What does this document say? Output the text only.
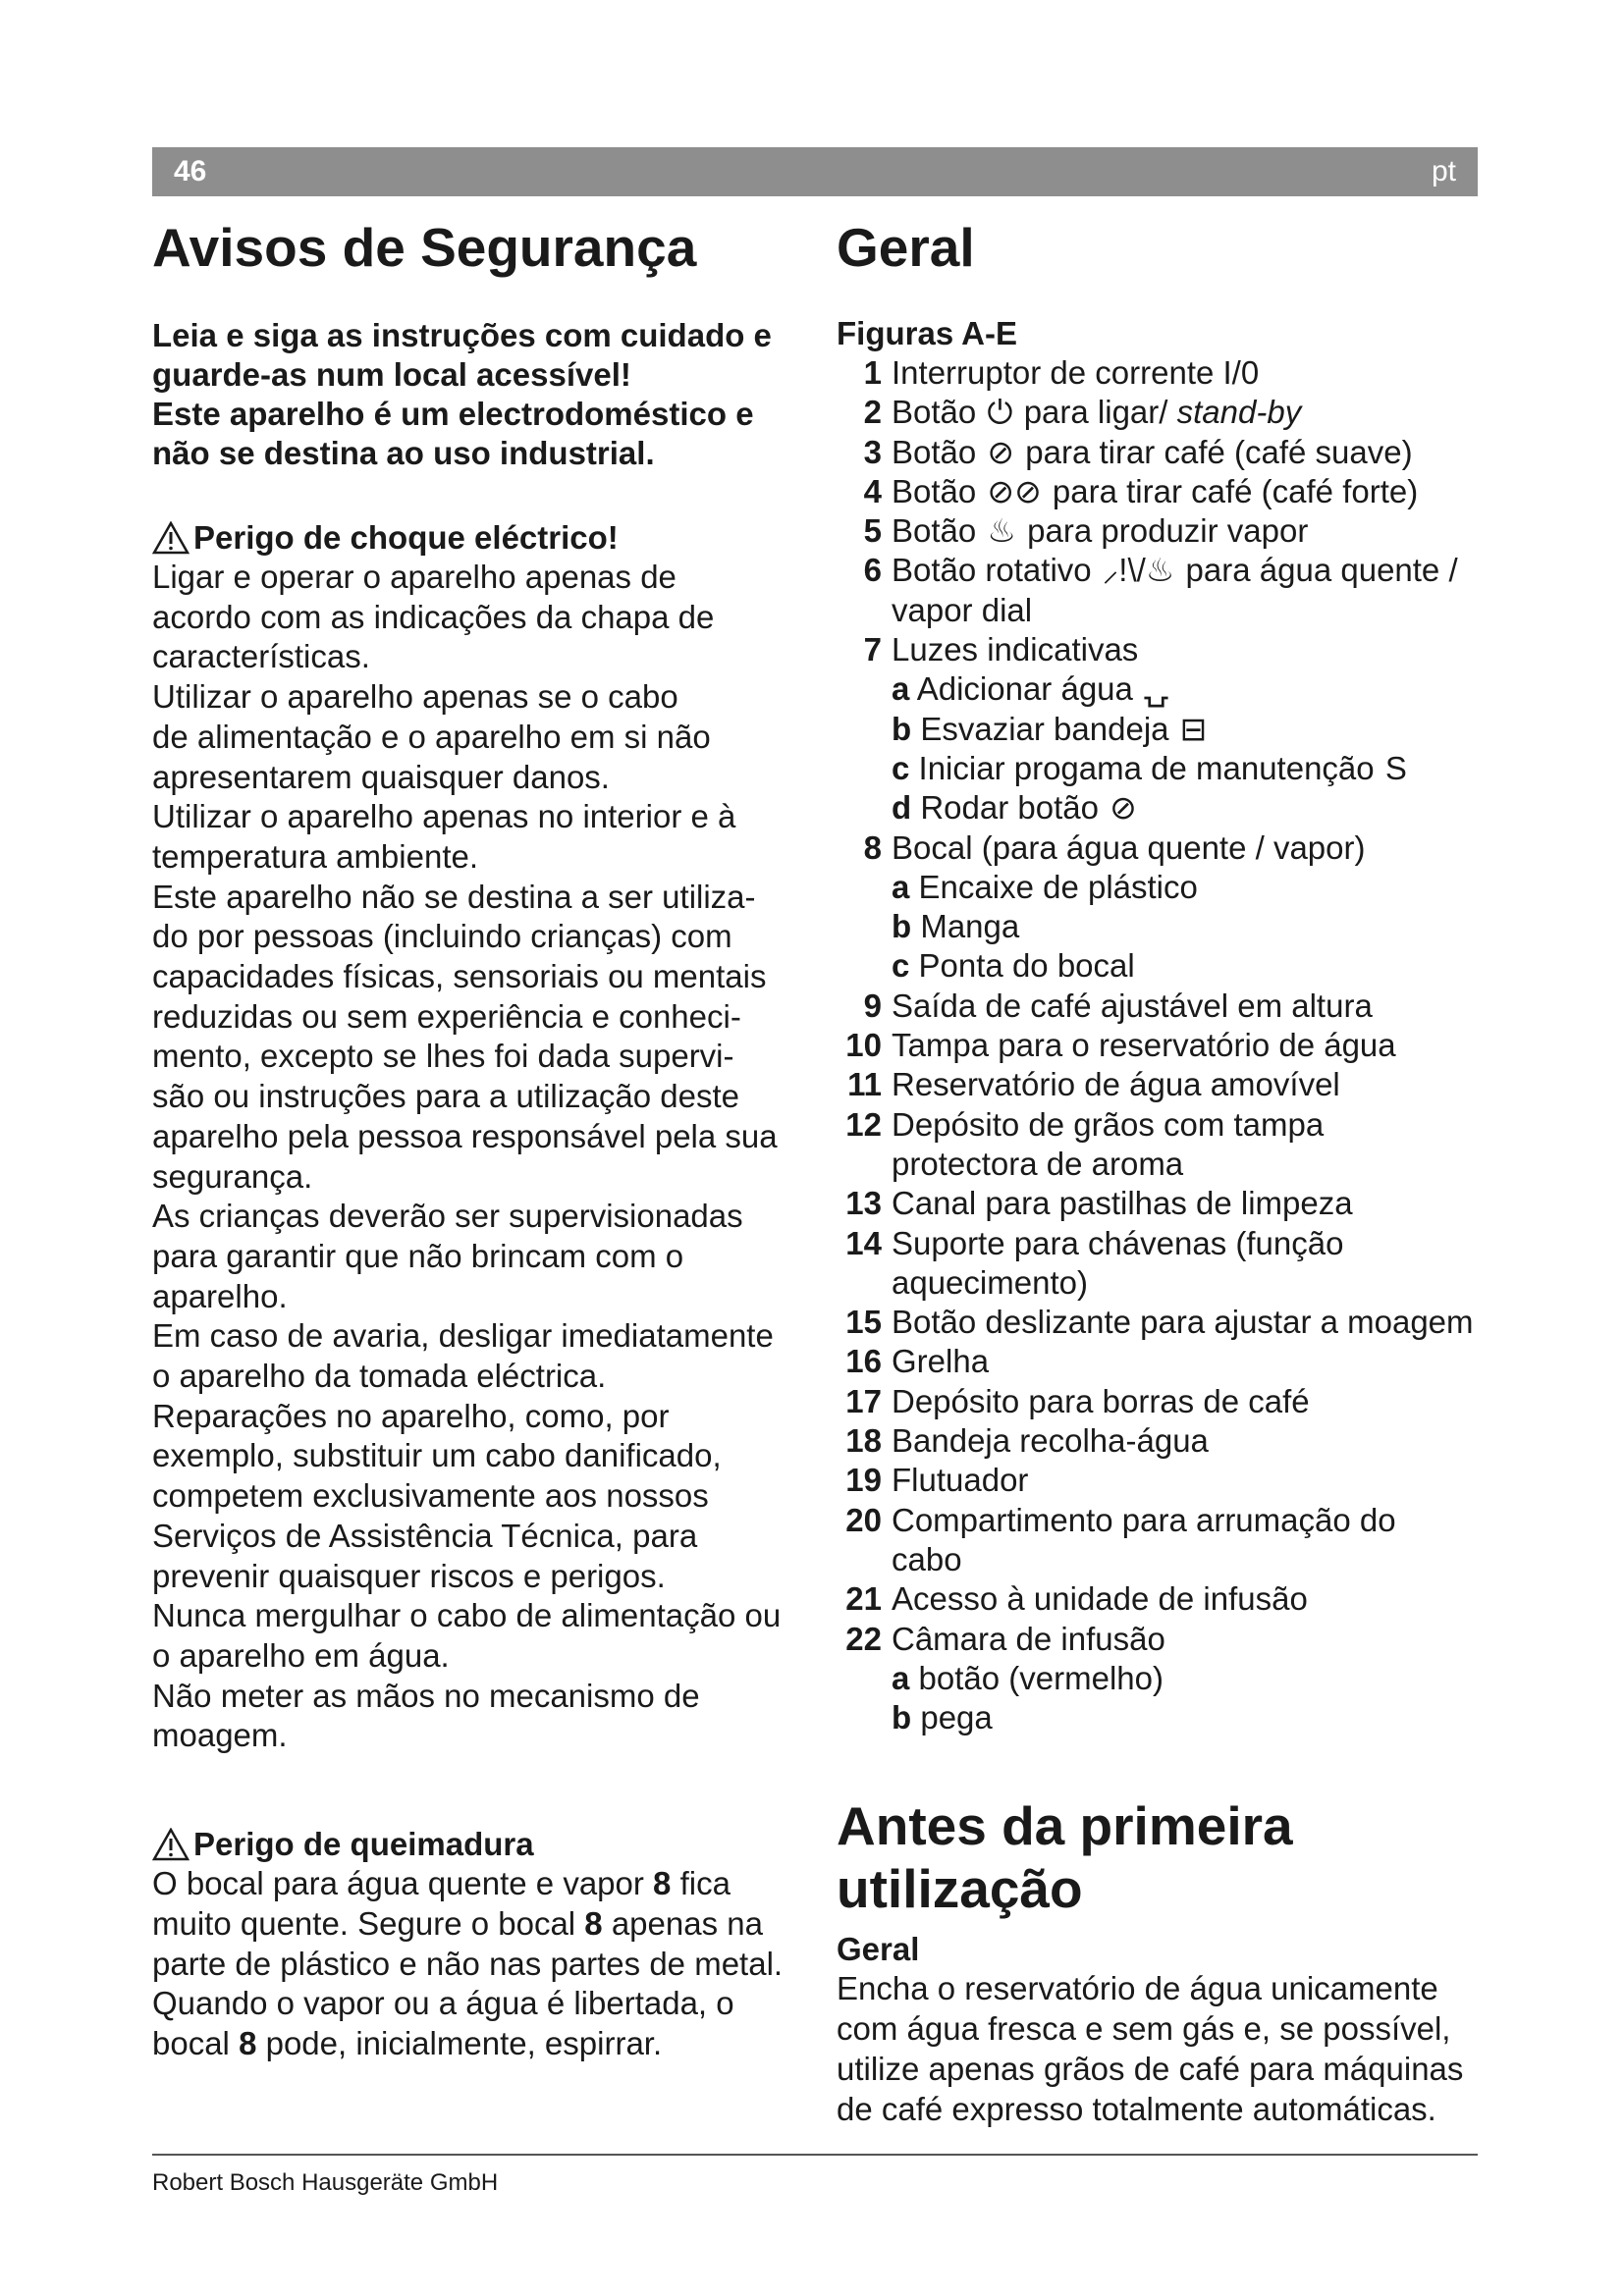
46	pt
Avisos de Segurança
Leia e siga as instruções com cuidado e
guarde-as num local acessível!
Este aparelho é um electrodoméstico e
não se destina ao uso industrial.
Perigo de choque eléctrico!

Ligar e operar o aparelho apenas de

acordo com as indicações da chapa de

características.

Utilizar o aparelho apenas se o cabo

de alimentação e o aparelho em si não

apresentarem quaisquer danos.

Utilizar o aparelho apenas no interior e à

temperatura ambiente.

Este aparelho não se destina a ser utiliza-

do por pessoas (incluindo crianças) com

capacidades físicas, sensoriais ou mentais

reduzidas ou sem experiência e conheci-

mento, excepto se lhes foi dada supervi-

são ou instruções para a utilização deste

aparelho pela pessoa responsável pela sua

segurança.

As crianças deverão ser supervisionadas

para garantir que não brincam com o

aparelho.

Em caso de avaria, desligar imediatamente

o aparelho da tomada eléctrica.

Reparações no aparelho, como, por

exemplo, substituir um cabo danificado,

competem exclusivamente aos nossos

Serviços de Assistência Técnica, para

prevenir quaisquer riscos e perigos.

Nunca mergulhar o cabo de alimentação ou

o aparelho em água.

Não meter as mãos no mecanismo de

moagem.

Perigo de queimadura

O bocal para água quente e vapor 8 fica

muito quente. Segure o bocal 8 apenas na

parte de plástico e não nas partes de metal.

Quando o vapor ou a água é libertada, o

bocal 8 pode, inicialmente, espirrar.

Geral
Figuras A-E
1 Interruptor de corrente I/0
2 Botão ⏻ para ligar/ stand-by
3 Botão ⊘ para tirar café (café suave)
4 Botão ⊘⊘ para tirar café (café forte)
5 Botão ♨ para produzir vapor
6 Botão rotativo ⸝!\/♨ para água quente /
vapor dial
7 Luzes indicativas
a Adicionar água ⍽
b Esvaziar bandeja ⊟
c Iniciar progama de manutenção S
d Rodar botão ⊘
8 Bocal (para água quente / vapor)
a Encaixe de plástico
b Manga
c Ponta do bocal
9 Saída de café ajustável em altura
10 Tampa para o reservatório de água
11 Reservatório de água amovível
12 Depósito de grãos com tampa
protectora de aroma
13 Canal para pastilhas de limpeza
14 Suporte para chávenas (função
aquecimento)
15 Botão deslizante para ajustar a moagem
16 Grelha
17 Depósito para borras de café
18 Bandeja recolha-água
19 Flutuador
20 Compartimento para arrumação do
cabo
21 Acesso à unidade de infusão
22 Câmara de infusão
a botão (vermelho)
b pega
Antes da primeira
utilização
Geral

Encha o reservatório de água unicamente

com água fresca e sem gás e, se possível,

utilize apenas grãos de café para máquinas

de café expresso totalmente automáticas.

Robert Bosch Hausgeräte GmbH
